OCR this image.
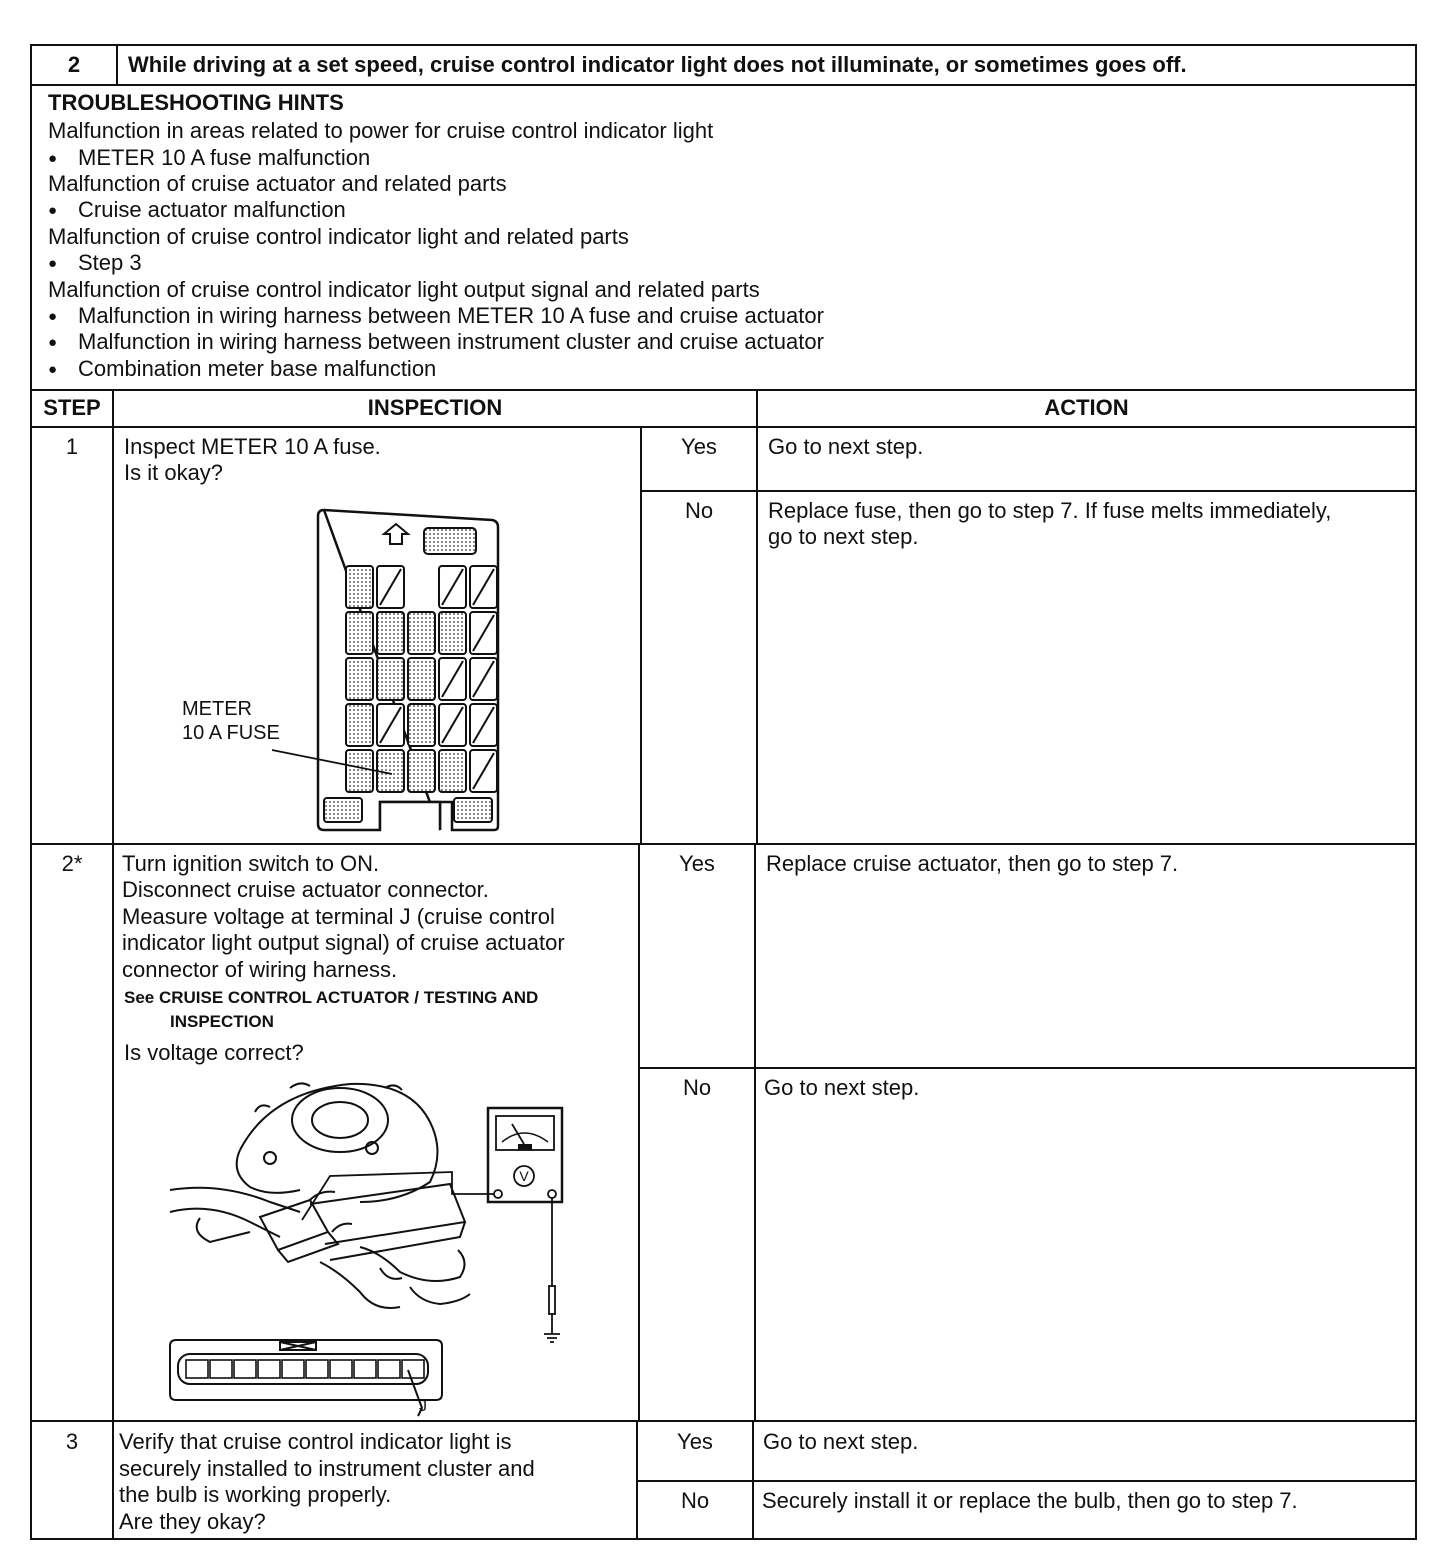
2	While driving at a set speed, cruise control indicator light does not illuminate, or sometimes goes off.
TROUBLESHOOTING HINTS
Malfunction in areas related to power for cruise control indicator light
● METER 10 A fuse malfunction
Malfunction of cruise actuator and related parts
● Cruise actuator malfunction
Malfunction of cruise control indicator light and related parts
● Step 3
Malfunction of cruise control indicator light output signal and related parts
● Malfunction in wiring harness between METER 10 A fuse and cruise actuator
● Malfunction in wiring harness between instrument cluster and cruise actuator
● Combination meter base malfunction
STEP	INSPECTION	ACTION
1	Inspect METER 10 A fuse.
Is it okay?
Yes	Go to next step.
No	Replace fuse, then go to step 7. If fuse melts immediately,
go to next step.
METER
10 A FUSE
2*	Turn ignition switch to ON.
Disconnect cruise actuator connector.
Measure voltage at terminal J (cruise control
indicator light output signal) of cruise actuator
connector of wiring harness.
See CRUISE CONTROL ACTUATOR / TESTING AND
INSPECTION
Is voltage correct?
Yes	Replace cruise actuator, then go to step 7.
No	Go to next step.
V
J
3	Verify that cruise control indicator light is
securely installed to instrument cluster and
the bulb is working properly.
Are they okay?
Yes	Go to next step.
No	Securely install it or replace the bulb, then go to step 7.
